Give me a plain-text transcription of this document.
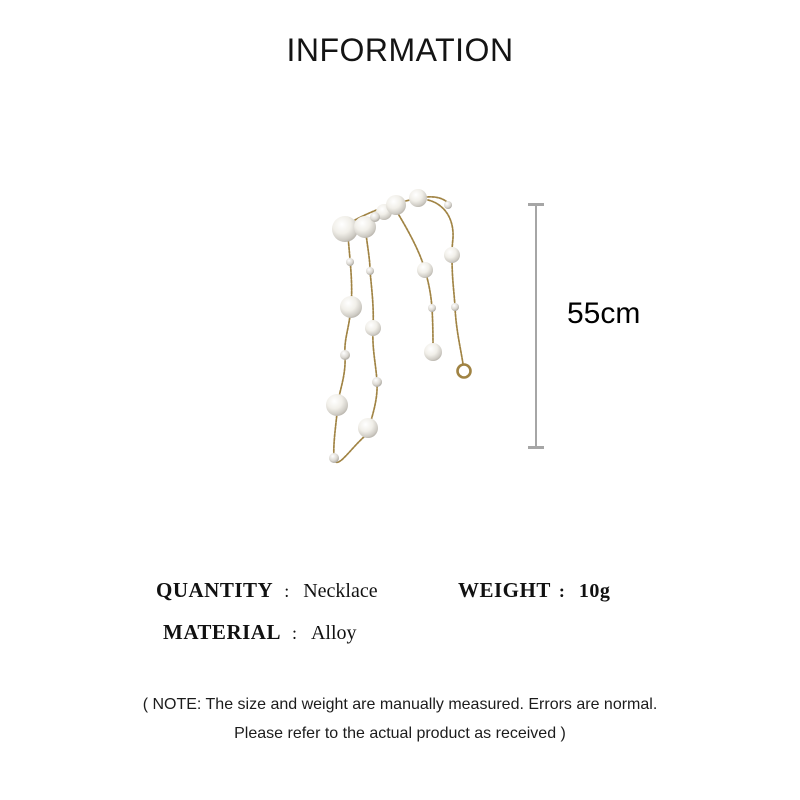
INFORMATION
55cm
QUANTITY : Necklace	WEIGHT : 10g
MATERIAL : Alloy
( NOTE: The size and weight are manually measured. Errors are normal.
Please refer to the actual product as received )
